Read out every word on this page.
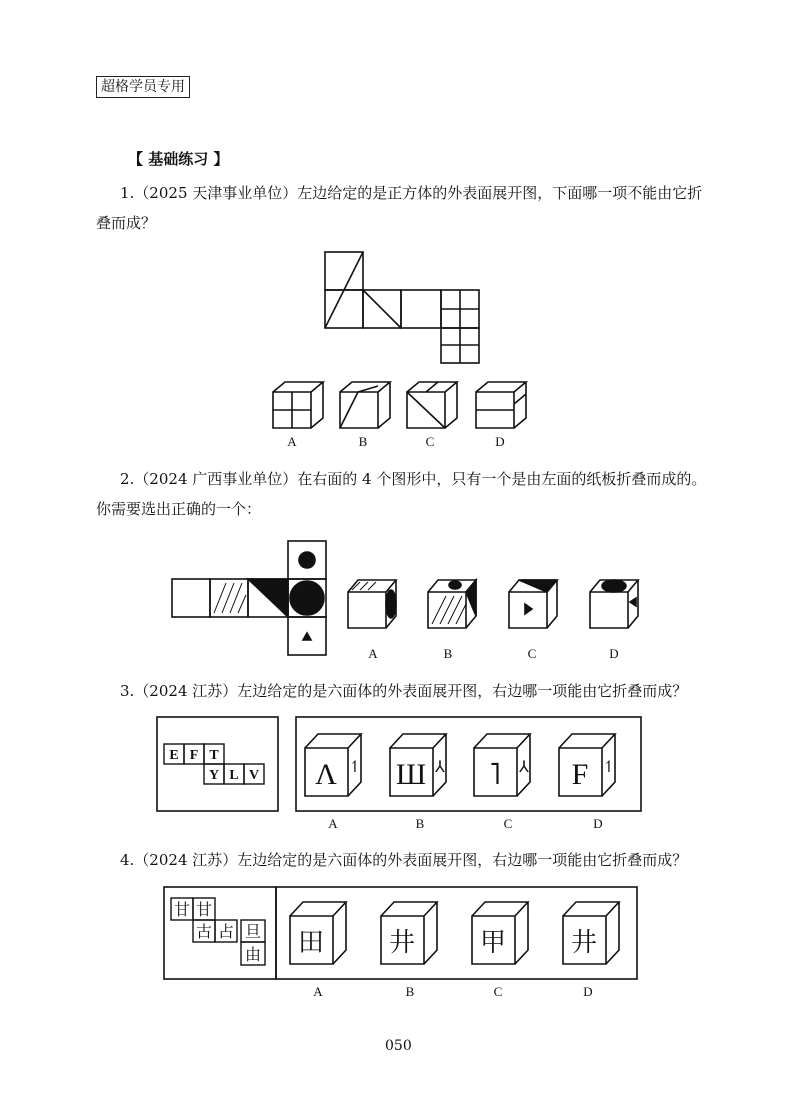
超格学员专用
【 基础练习 】
1.（2025 天津事业单位）左边给定的是正方体的外表面展开图，下面哪一项不能由它折叠而成？
2.（2024 广西事业单位）在右面的 4 个图形中，只有一个是由左面的纸板折叠而成的。你需要选出正确的一个：
3.（2024 江苏）左边给定的是六面体的外表面展开图，右边哪一项能由它折叠而成？
4.（2024 江苏）左边给定的是六面体的外表面展开图，右边哪一项能由它折叠而成？
A	B	C	D
A	B	C	D
E F T
Y L V Λ Ш ˥ F
↿	⅄	⅄	↿
A	B	C	D
甘 甘
古 占 旦
由 田 井 甲 井
A	B	C	D
050
